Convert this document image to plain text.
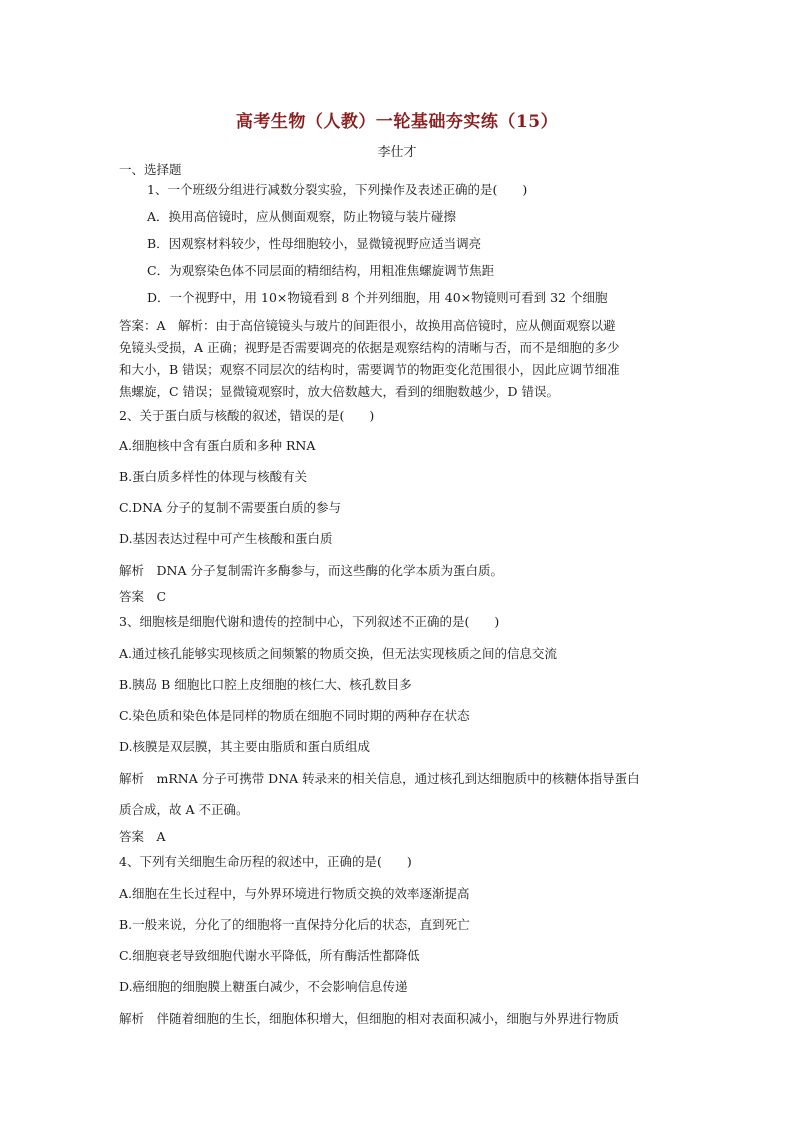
高考生物（人教）一轮基础夯实练（15）
李仕才
一、选择题
1、一个班级分组进行减数分裂实验，下列操作及表述正确的是(　　)
A．换用高倍镜时，应从侧面观察，防止物镜与装片碰擦
B．因观察材料较少，性母细胞较小，显微镜视野应适当调亮
C．为观察染色体不同层面的精细结构，用粗准焦螺旋调节焦距
D．一个视野中，用 10×物镜看到 8 个并列细胞，用 40×物镜则可看到 32 个细胞
答案：A　解析：由于高倍镜镜头与玻片的间距很小，故换用高倍镜时，应从侧面观察以避
免镜头受损，A 正确；视野是否需要调亮的依据是观察结构的清晰与否，而不是细胞的多少
和大小，B 错误；观察不同层次的结构时，需要调节的物距变化范围很小，因此应调节细准
焦螺旋，C 错误；显微镜观察时，放大倍数越大，看到的细胞数越少，D 错误。
2、关于蛋白质与核酸的叙述，错误的是(　　)
A.细胞核中含有蛋白质和多种 RNA
B.蛋白质多样性的体现与核酸有关
C.DNA 分子的复制不需要蛋白质的参与
D.基因表达过程中可产生核酸和蛋白质
解析　DNA 分子复制需许多酶参与，而这些酶的化学本质为蛋白质。
答案　C
3、细胞核是细胞代谢和遗传的控制中心，下列叙述不正确的是(　　)
A.通过核孔能够实现核质之间频繁的物质交换，但无法实现核质之间的信息交流
B.胰岛 B 细胞比口腔上皮细胞的核仁大、核孔数目多
C.染色质和染色体是同样的物质在细胞不同时期的两种存在状态
D.核膜是双层膜，其主要由脂质和蛋白质组成
解析　mRNA 分子可携带 DNA 转录来的相关信息，通过核孔到达细胞质中的核糖体指导蛋白
质合成，故 A 不正确。
答案　A
4、下列有关细胞生命历程的叙述中，正确的是(　　)
A.细胞在生长过程中，与外界环境进行物质交换的效率逐渐提高
B.一般来说，分化了的细胞将一直保持分化后的状态，直到死亡
C.细胞衰老导致细胞代谢水平降低，所有酶活性都降低
D.癌细胞的细胞膜上糖蛋白减少，不会影响信息传递
解析　伴随着细胞的生长，细胞体积增大，但细胞的相对表面积减小，细胞与外界进行物质
